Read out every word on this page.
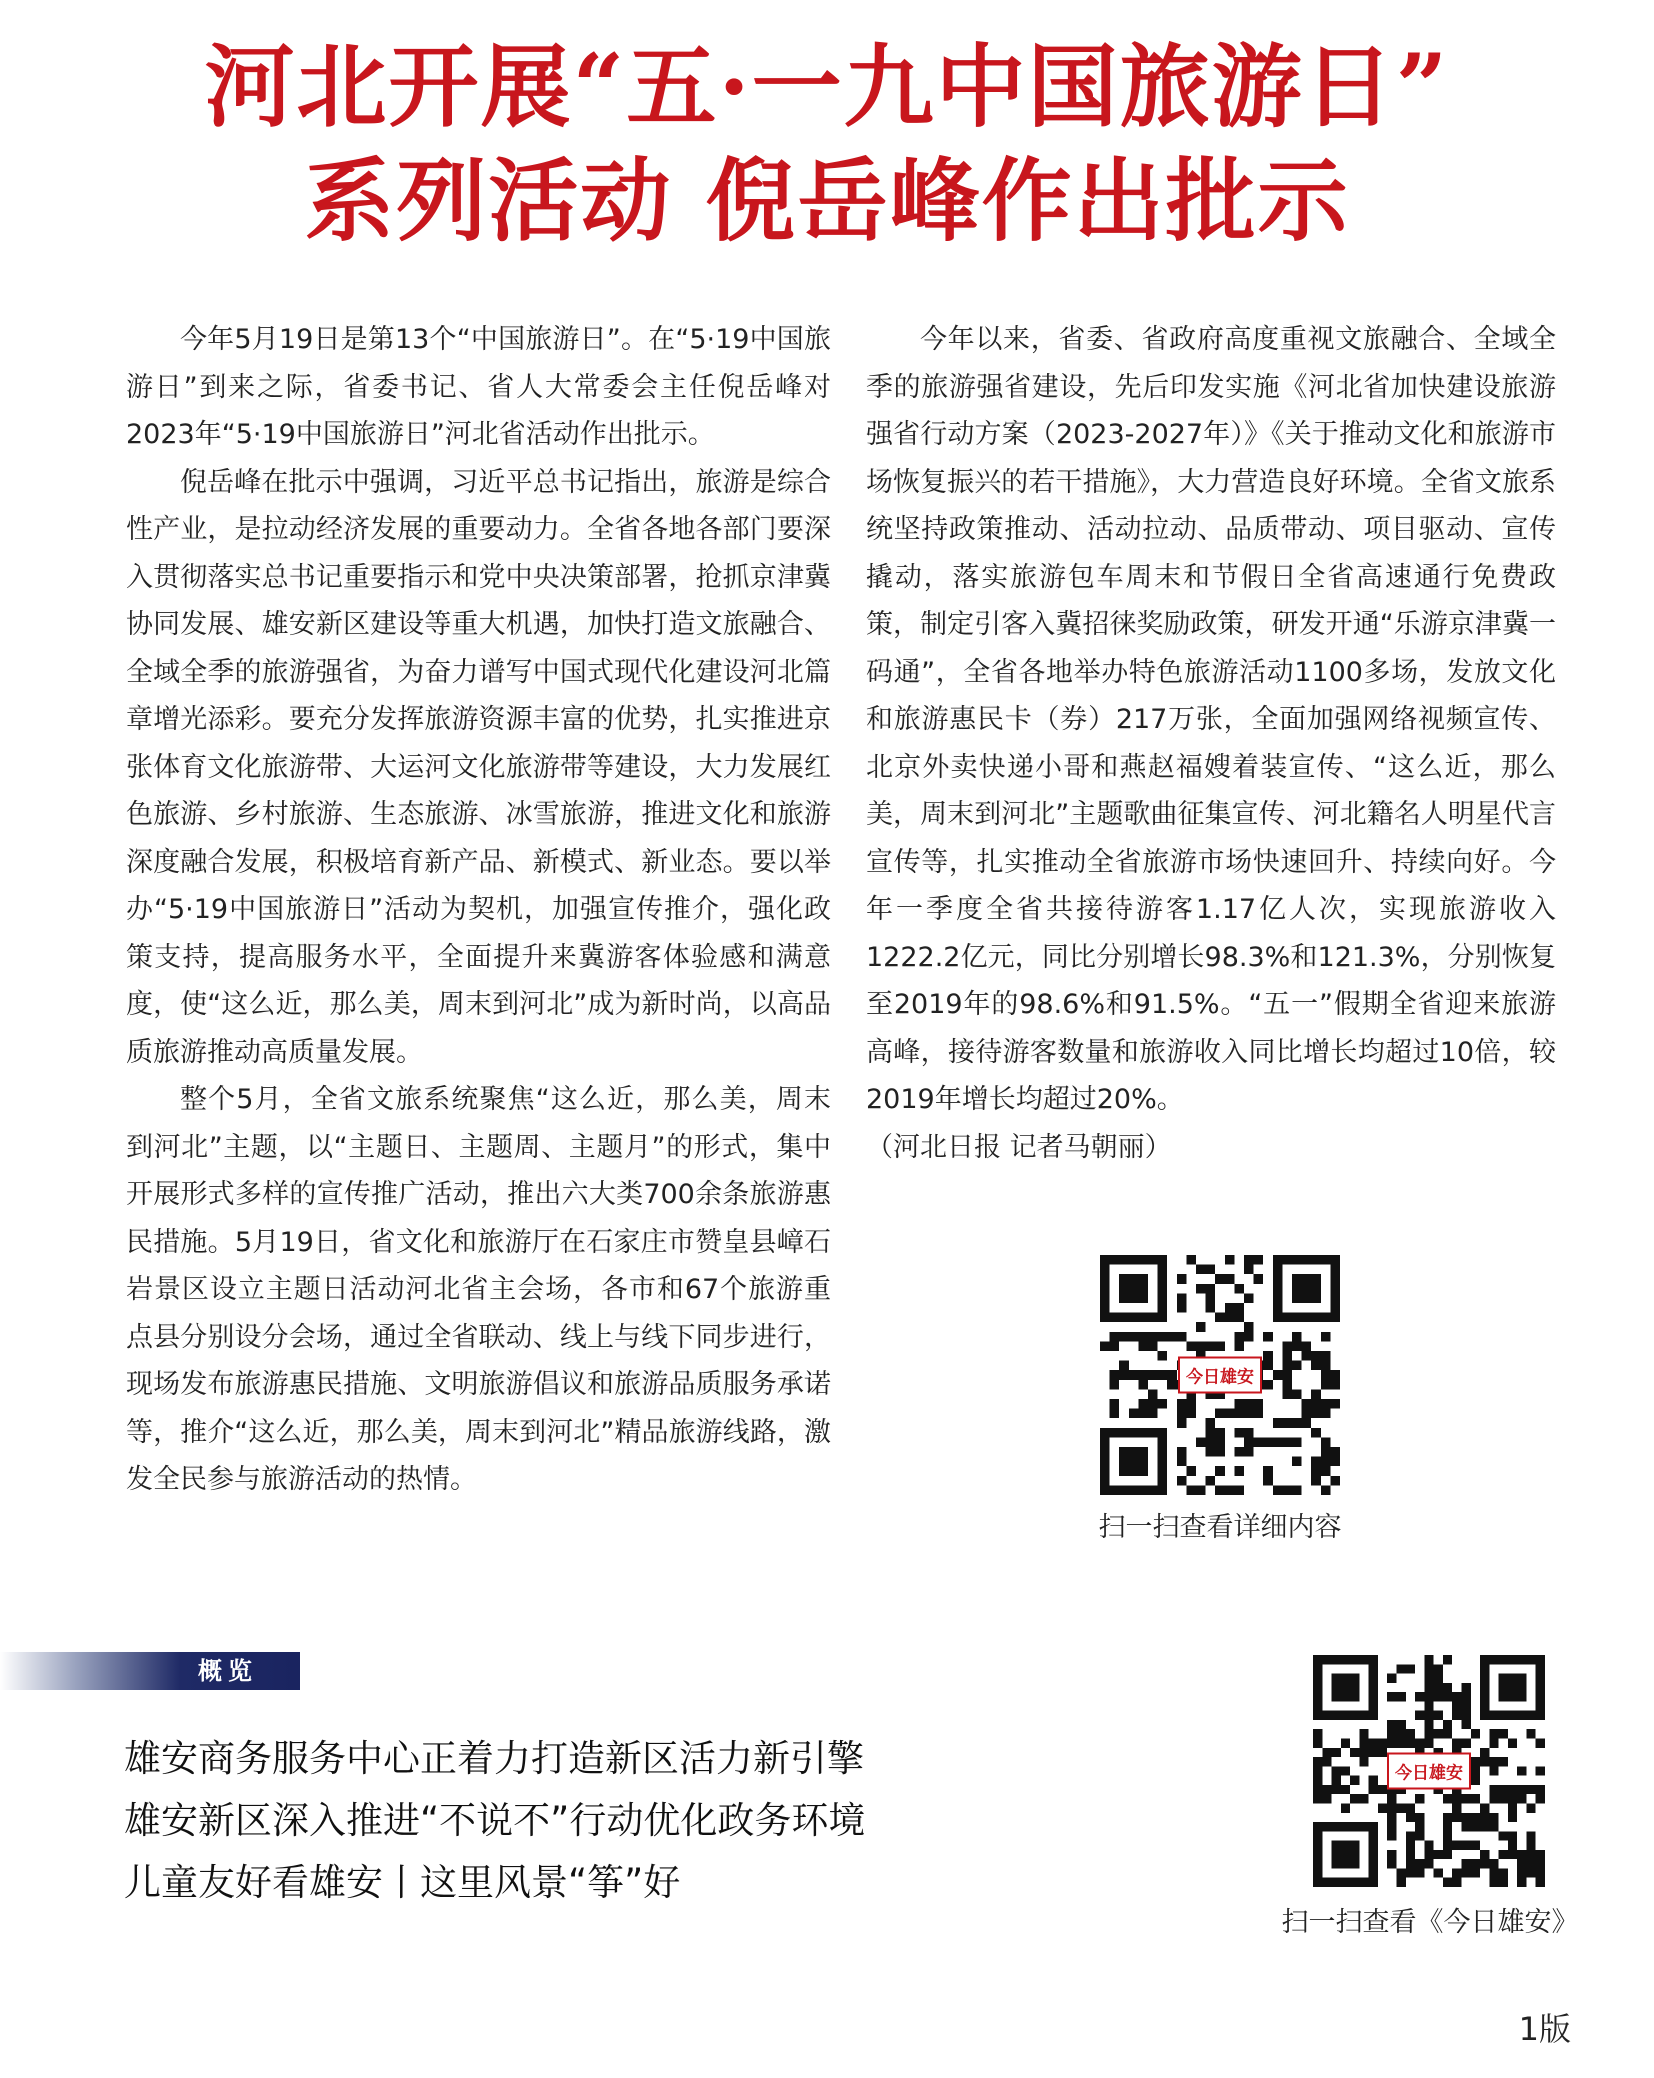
河北开展“五·一九中国旅游日”
系列活动 倪岳峰作出批示

今年5月19日是第13个“中国旅游日”。在“5·19中国旅游日”到来之际，省委书记、省人大常委会主任倪岳峰对2023年“5·19中国旅游日”河北省活动作出批示。

倪岳峰在批示中强调，习近平总书记指出，旅游是综合性产业，是拉动经济发展的重要动力。全省各地各部门要深入贯彻落实总书记重要指示和党中央决策部署，抢抓京津冀协同发展、雄安新区建设等重大机遇，加快打造文旅融合、全域全季的旅游强省，为奋力谱写中国式现代化建设河北篇章增光添彩。要充分发挥旅游资源丰富的优势，扎实推进京张体育文化旅游带、大运河文化旅游带等建设，大力发展红色旅游、乡村旅游、生态旅游、冰雪旅游，推进文化和旅游深度融合发展，积极培育新产品、新模式、新业态。要以举办“5·19中国旅游日”活动为契机，加强宣传推介，强化政策支持，提高服务水平，全面提升来冀游客体验感和满意度，使“这么近，那么美，周末到河北”成为新时尚，以高品质旅游推动高质量发展。

整个5月，全省文旅系统聚焦“这么近，那么美，周末到河北”主题，以“主题日、主题周、主题月”的形式，集中开展形式多样的宣传推广活动，推出六大类700余条旅游惠民措施。5月19日，省文化和旅游厅在石家庄市赞皇县嶂石岩景区设立主题日活动河北省主会场，各市和67个旅游重点县分别设分会场，通过全省联动、线上与线下同步进行，现场发布旅游惠民措施、文明旅游倡议和旅游品质服务承诺等，推介“这么近，那么美，周末到河北”精品旅游线路，激发全民参与旅游活动的热情。

今年以来，省委、省政府高度重视文旅融合、全域全季的旅游强省建设，先后印发实施《河北省加快建设旅游强省行动方案（2023-2027年）》《关于推动文化和旅游市场恢复振兴的若干措施》，大力营造良好环境。全省文旅系统坚持政策推动、活动拉动、品质带动、项目驱动、宣传撬动，落实旅游包车周末和节假日全省高速通行免费政策，制定引客入冀招徕奖励政策，研发开通“乐游京津冀一码通”，全省各地举办特色旅游活动1100多场，发放文化和旅游惠民卡（券）217万张，全面加强网络视频宣传、北京外卖快递小哥和燕赵福嫂着装宣传、“这么近，那么美，周末到河北”主题歌曲征集宣传、河北籍名人明星代言宣传等，扎实推动全省旅游市场快速回升、持续向好。今年一季度全省共接待游客1.17亿人次，实现旅游收入1222.2亿元，同比分别增长98.3%和121.3%，分别恢复至2019年的98.6%和91.5%。“五一”假期全省迎来旅游高峰，接待游客数量和旅游收入同比增长均超过10倍，较2019年增长均超过20%。

（河北日报 记者马朝丽）

今日雄安
扫一扫查看详细内容
概览

雄安商务服务中心正着力打造新区活力新引擎

雄安新区深入推进“不说不”行动优化政务环境

儿童友好看雄安丨这里风景“筝”好

今日雄安
扫一扫查看《今日雄安》
1版
